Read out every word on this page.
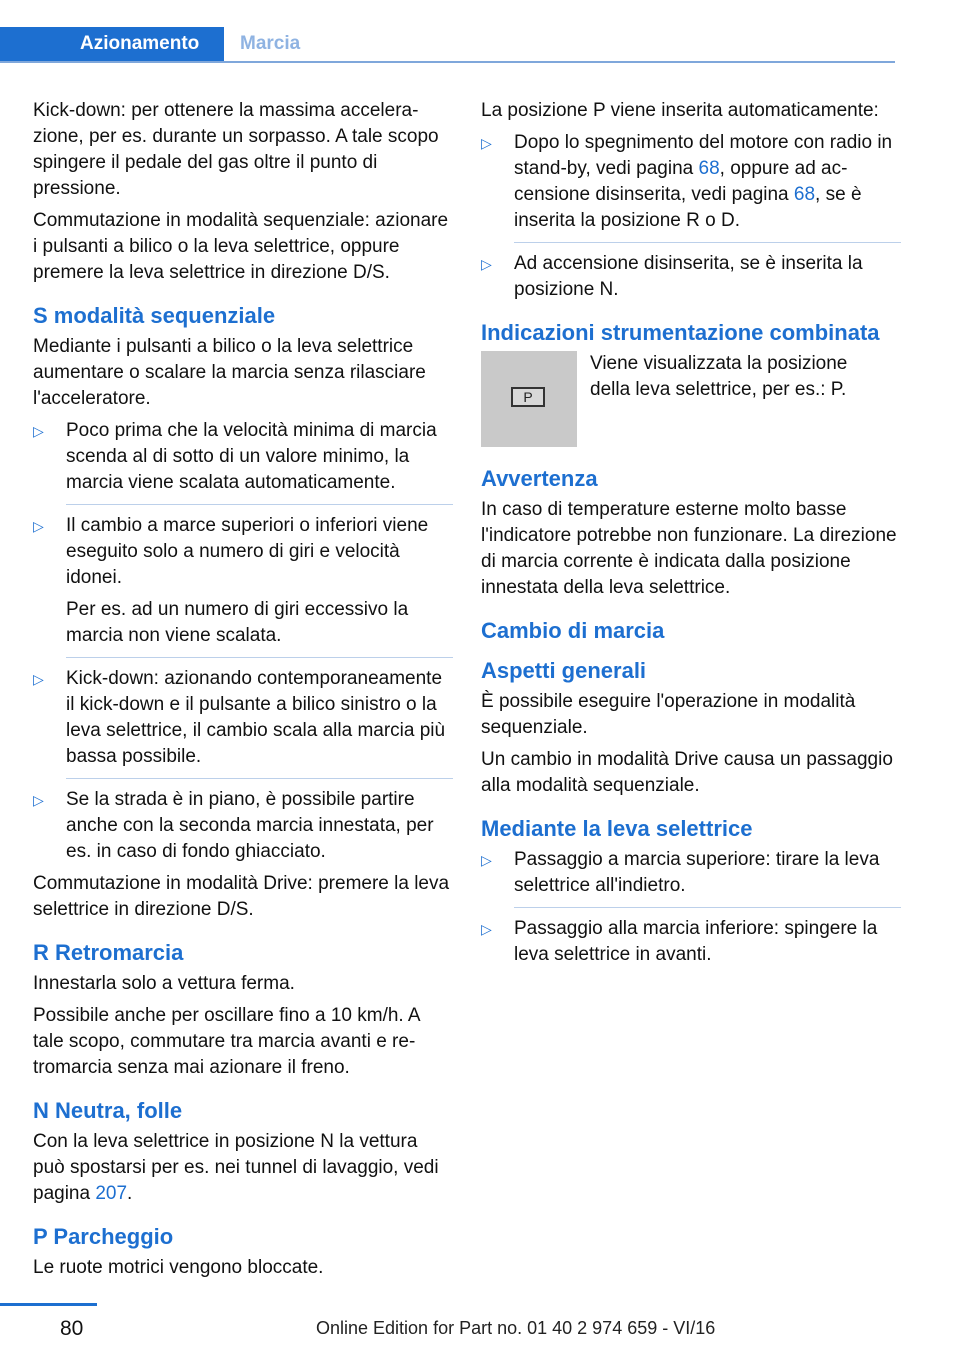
Azionamento	Marcia

Kick-down: per ottenere la massima accelerazione, per es. durante un sorpasso. A tale scopo spingere il pedale del gas oltre il punto di pressione.

Commutazione in modalità sequenziale: azionare i pulsanti a bilico o la leva selettrice, oppure premere la leva selettrice in direzione D/S.

S modalità sequenziale

Mediante i pulsanti a bilico o la leva selettrice aumentare o scalare la marcia senza rilasciare l'acceleratore.

▷ Poco prima che la velocità minima di marcia scenda al di sotto di un valore minimo, la marcia viene scalata automaticamente.
▷ Il cambio a marce superiori o inferiori viene eseguito solo a numero di giri e velocità idonei.

Per es. ad un numero di giri eccessivo la marcia non viene scalata.

▷ Kick-down: azionando contemporaneamente il kick-down e il pulsante a bilico sinistro o la leva selettrice, il cambio scala alla marcia più bassa possibile.
▷ Se la strada è in piano, è possibile partire anche con la seconda marcia innestata, per es. in caso di fondo ghiacciato.

Commutazione in modalità Drive: premere la leva selettrice in direzione D/S.

R Retromarcia

Innestarla solo a vettura ferma.

Possibile anche per oscillare fino a 10 km/h. A tale scopo, commutare tra marcia avanti e retromarcia senza mai azionare il freno.

N Neutra, folle

Con la leva selettrice in posizione N la vettura può spostarsi per es. nei tunnel di lavaggio, vedi pagina 207.

P Parcheggio

Le ruote motrici vengono bloccate.

La posizione P viene inserita automaticamente:

▷ Dopo lo spegnimento del motore con radio in stand-by, vedi pagina 68, oppure ad accensione disinserita, vedi pagina 68, se è inserita la posizione R o D.
▷ Ad accensione disinserita, se è inserita la posizione N.
Indicazioni strumentazione combinata
P
Viene visualizzata la posizione della leva selettrice, per es.: P.
Avvertenza

In caso di temperature esterne molto basse l'indicatore potrebbe non funzionare. La direzione di marcia corrente è indicata dalla posizione innestata della leva selettrice.

Cambio di marcia
Aspetti generali

È possibile eseguire l'operazione in modalità sequenziale.

Un cambio in modalità Drive causa un passaggio alla modalità sequenziale.

Mediante la leva selettrice
▷ Passaggio a marcia superiore: tirare la leva selettrice all'indietro.
▷ Passaggio alla marcia inferiore: spingere la leva selettrice in avanti.
80	Online Edition for Part no. 01 40 2 974 659 - VI/16
